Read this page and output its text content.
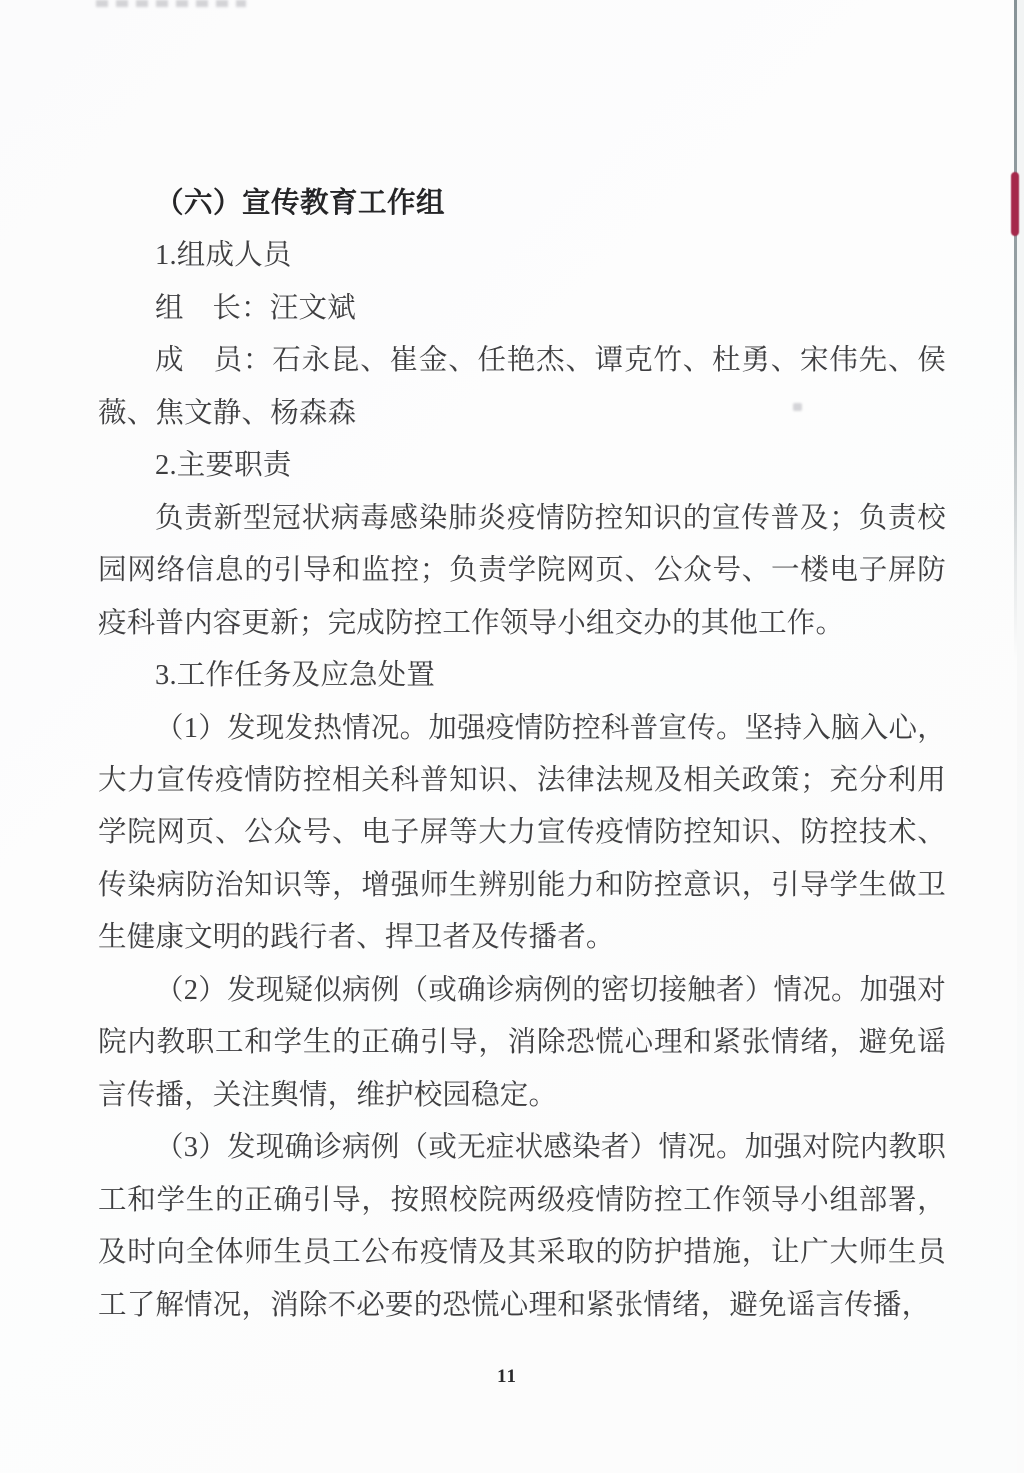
（六）宣传教育工作组

1.组成人员

组　长：汪文斌

成　员：石永昆、崔金、任艳杰、谭克竹、杜勇、宋伟先、侯薇、焦文静、杨森森

2.主要职责

负责新型冠状病毒感染肺炎疫情防控知识的宣传普及；负责校园网络信息的引导和监控；负责学院网页、公众号、一楼电子屏防疫科普内容更新；完成防控工作领导小组交办的其他工作。

3.工作任务及应急处置

（1）发现发热情况。加强疫情防控科普宣传。坚持入脑入心，大力宣传疫情防控相关科普知识、法律法规及相关政策；充分利用学院网页、公众号、电子屏等大力宣传疫情防控知识、防控技术、传染病防治知识等，增强师生辨别能力和防控意识，引导学生做卫生健康文明的践行者、捍卫者及传播者。

（2）发现疑似病例（或确诊病例的密切接触者）情况。加强对院内教职工和学生的正确引导，消除恐慌心理和紧张情绪，避免谣言传播，关注舆情，维护校园稳定。

（3）发现确诊病例（或无症状感染者）情况。加强对院内教职工和学生的正确引导，按照校院两级疫情防控工作领导小组部署，及时向全体师生员工公布疫情及其采取的防护措施，让广大师生员工了解情况，消除不必要的恐慌心理和紧张情绪，避免谣言传播，

11
